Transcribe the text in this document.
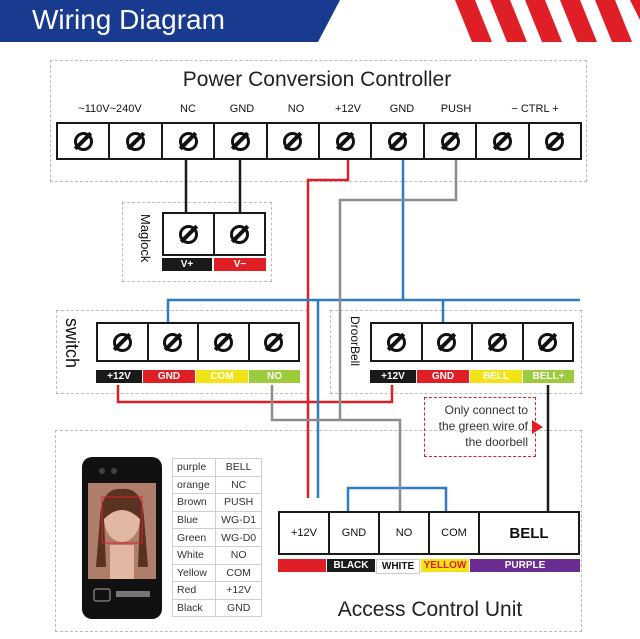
Wiring Diagram
Power Conversion Controller
~110V~240V	NC	GND	NO	+12V	GND	PUSH	− CTRL +
Maglock
V+	V−
switch
+12V	GND	COM	NO
DroorBell
+12V	GND	BELL	BELL+
Only connect to
the green wire of
the doorbell
purple	BELL
orange	NC
Brown	PUSH
Blue	WG-D1
Green	WG-D0
White	NO
Yellow	COM
Red	+12V
Black	GND
+12V	GND	NO	COM	BELL
RED	BLACK	WHITE YELLOW	PURPLE
Access Control Unit
